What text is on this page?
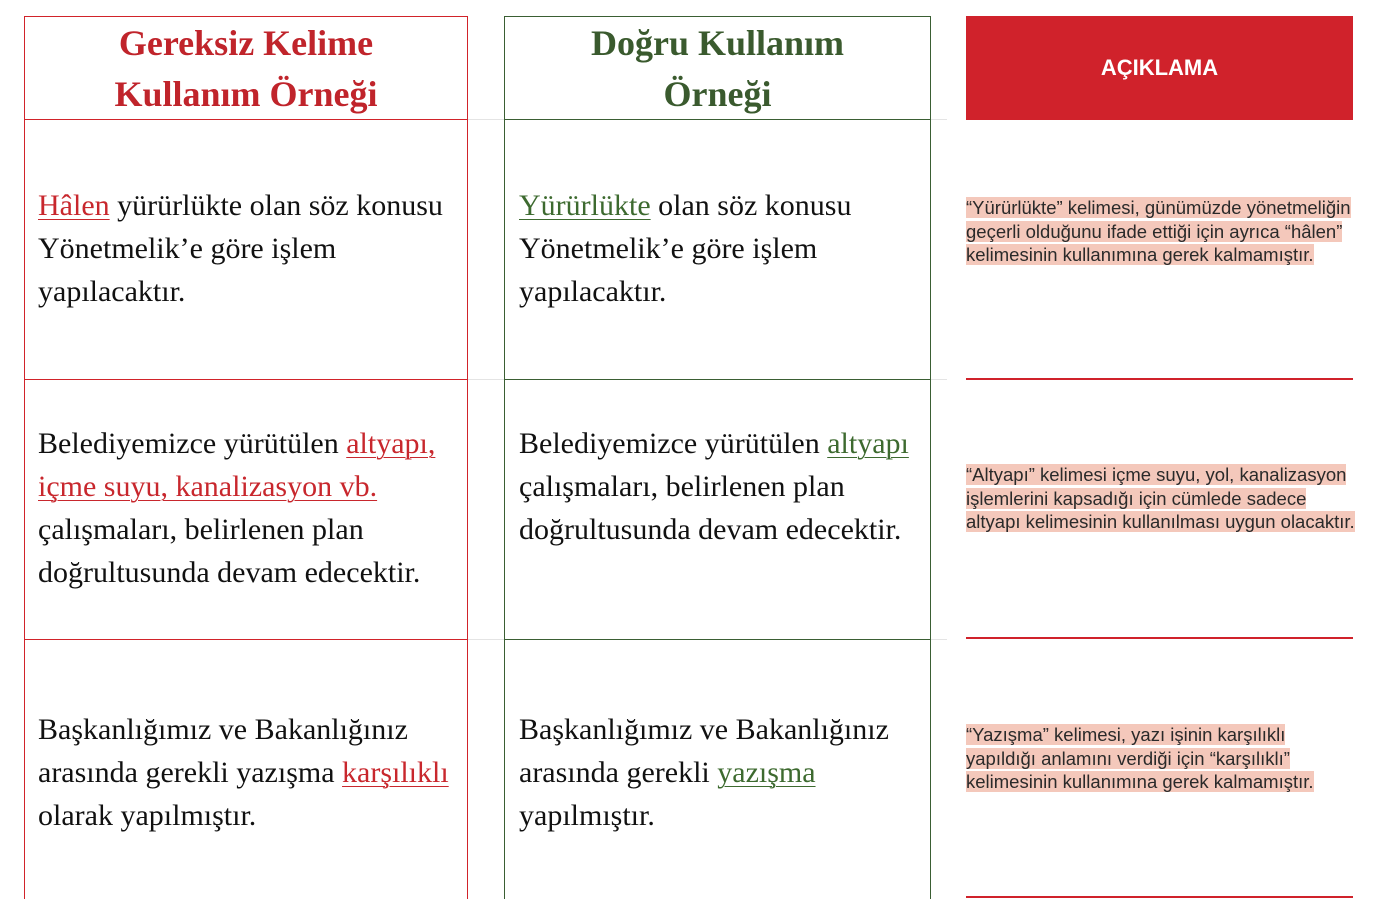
Gereksiz Kelime Kullanım Örneği
Doğru Kullanım Örneği
AÇIKLAMA
Hâlen yürürlükte olan söz konusu Yönetmelik’e göre işlem yapılacaktır.
Yürürlükte olan söz konusu Yönetmelik’e göre işlem yapılacaktır.
“Yürürlükte” kelimesi, günümüzde yönetmeliğin geçerli olduğunu ifade ettiği için ayrıca “hâlen” kelimesinin kullanımına gerek kalmamıştır.
Belediyemizce yürütülen altyapı, içme suyu, kanalizasyon vb. çalışmaları, belirlenen plan doğrultusunda devam edecektir.
Belediyemizce yürütülen altyapı çalışmaları, belirlenen plan doğrultusunda devam edecektir.
“Altyapı” kelimesi içme suyu, yol, kanalizasyon işlemlerini kapsadığı için cümlede sadece altyapı kelimesinin kullanılması uygun olacaktır.
Başkanlığımız ve Bakanlığınız arasında gerekli yazışma karşılıklı olarak yapılmıştır.
Başkanlığımız ve Bakanlığınız arasında gerekli yazışma yapılmıştır.
“Yazışma” kelimesi, yazı işinin karşılıklı yapıldığı anlamını verdiği için “karşılıklı” kelimesinin kullanımına gerek kalmamıştır.
